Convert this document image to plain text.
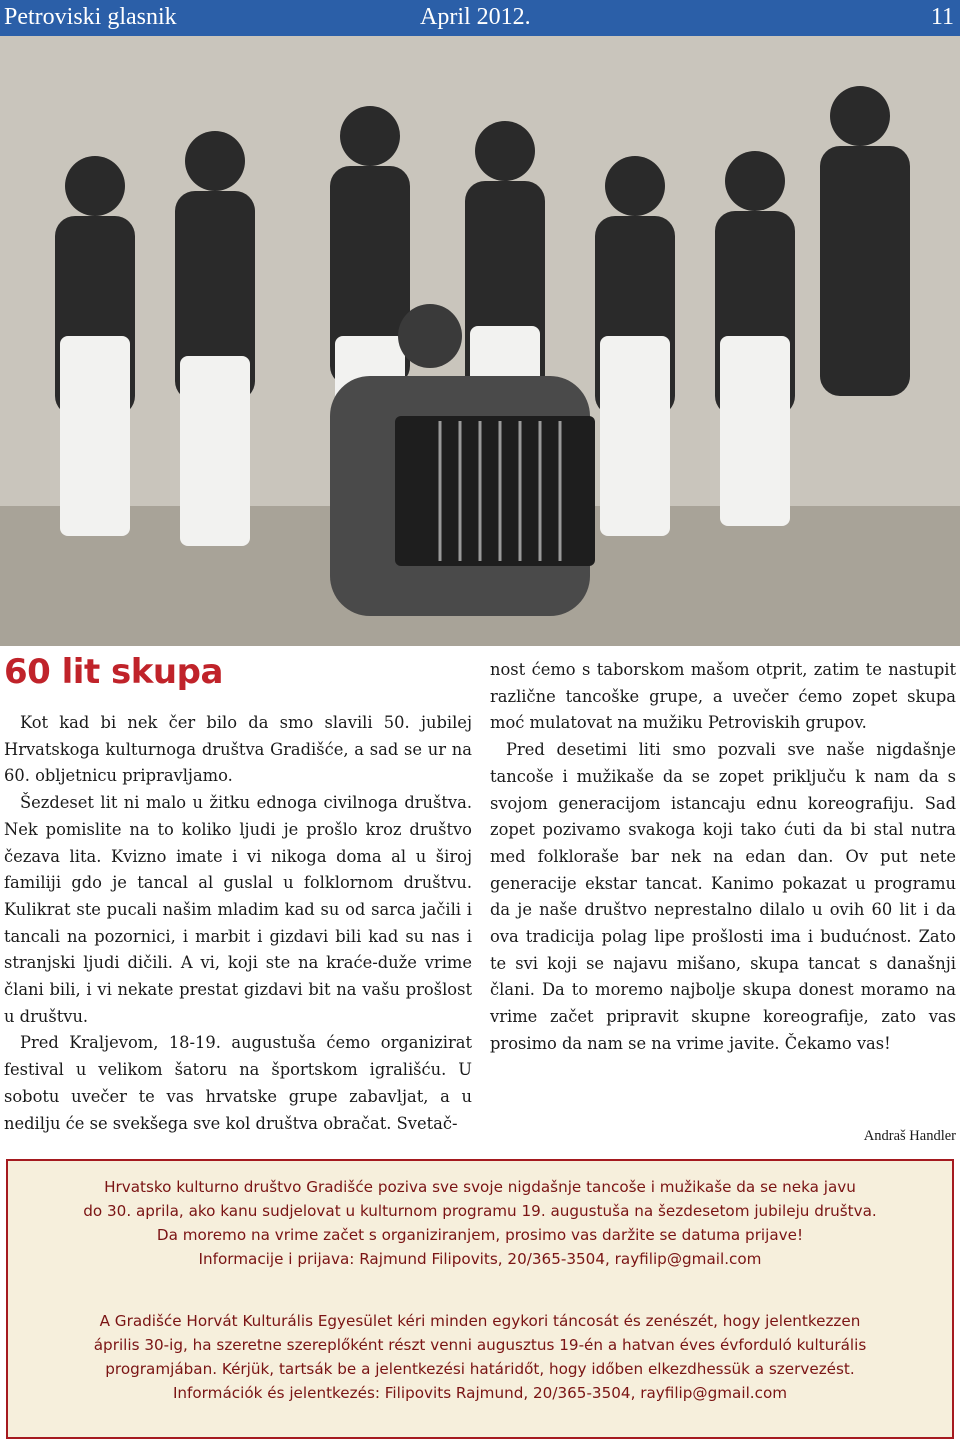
Petroviski glasnik	April 2012.	11
60 lit skupa

Kot kad bi nek čer bilo da smo slavili 50. jubilej Hrvatskoga kulturnoga društva Gradišće, a sad se ur na 60. obljetnicu pripravljamo.

Šezdeset lit ni malo u žitku ednoga civilnoga društva. Nek pomislite na to koliko ljudi je prošlo kroz društvo čezava lita. Kvizno imate i vi nikoga doma al u širој familiji gdo je tancal al guslal u folklornom društvu. Kulikrat ste pucali našim mladim kad su od sarca jačili i tancali na pozornici, i marbit i gizdavi bili kad su nas i stranjski ljudi dičili. A vi, koji ste na kraće-duže vrime člani bili, i vi nekate prestat gizdavi bit na vašu prošlost u društvu.

Pred Kraljevom, 18-19. augustuša ćemo organizirat festival u velikom šatoru na športskom igrališću. U sobotu uvečer te vas hrvatske grupe zabavljat, a u nedilju će se svekšega sve kol društva obračat. Svetač-

nost ćemo s taborskom mašom otprit, zatim te nastupit različne tancoške grupe, a uvečer ćemo zopet skupa moć mulatovat na mužiku Petroviskih grupov.

Pred desetimi liti smo pozvali sve naše nigdašnje tancoše i mužikaše da se zopet priključu k nam da s svojom generacijom istancaju ednu koreografiju. Sad zopet pozivamo svakoga koji tako ćuti da bi stal nutra med folkloraše bar nek na edan dan. Ov put nete generacije ekstar tancat. Kanimo pokazat u programu da je naše društvo neprestalno dilalo u ovih 60 lit i da ova tradicija polag lipe prošlosti ima i budućnost. Zato te svi koji se najavu mišano, skupa tancat s današnji člani. Da to moremo najbolje skupa donest moramo na vrime začet pripravit skupne koreografije, zato vas prosimo da nam se na vrime javite. Čekamo vas!

Andraš Handler
Hrvatsko kulturno društvo Gradišće poziva sve svoje nigdašnje tancoše i mužikaše da se neka javu
do 30. aprila, ako kanu sudjelovat u kulturnom programu 19. augustuša na šezdesetom jubileju društva.
Da moremo na vrime začet s organiziranjem, prosimo vas daržite se datuma prijave!
Informacije i prijava: Rajmund Filipovits, 20/365-3504, rayfilip@gmail.com
A Gradišće Horvát Kulturális Egyesület kéri minden egykori táncosát és zenészét, hogy jelentkezzen
április 30-ig, ha szeretne szereplőként részt venni augusztus 19-én a hatvan éves évforduló kulturális
programjában. Kérjük, tartsák be a jelentkezési határidőt, hogy időben elkezdhessük a szervezést.
Információk és jelentkezés: Filipovits Rajmund, 20/365-3504, rayfilip@gmail.com
